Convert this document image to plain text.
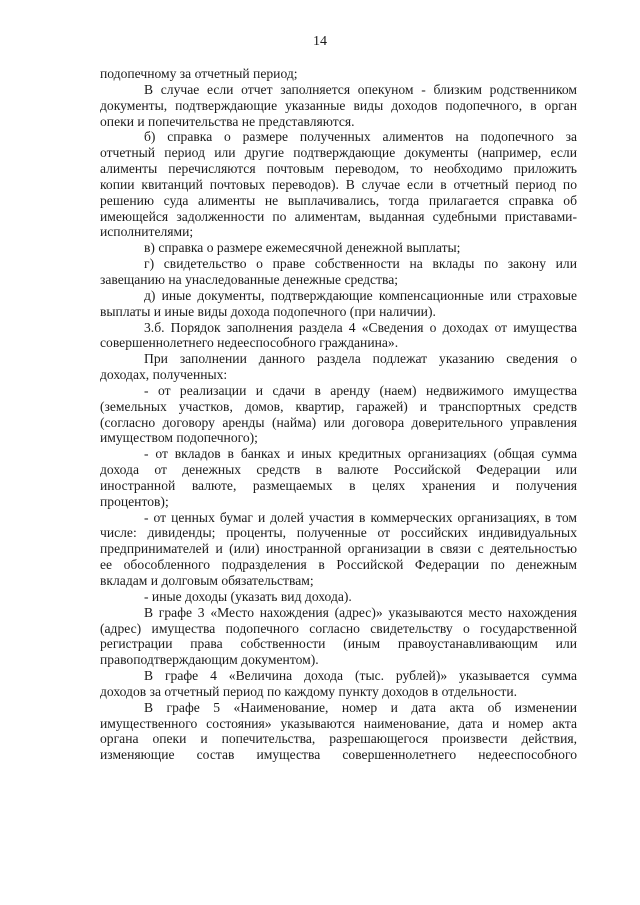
14
подопечному за отчетный период;
В случае если отчет заполняется опекуном - близким родственником
документы, подтверждающие указанные виды доходов подопечного, в орган
опеки и попечительства не представляются.
б) справка о размере полученных алиментов на подопечного за
отчетный период или другие подтверждающие документы (например, если
алименты перечисляются почтовым переводом, то необходимо приложить
копии квитанций почтовых переводов). В случае если в отчетный период по
решению суда алименты не выплачивались, тогда прилагается справка об
имеющейся задолженности по алиментам, выданная судебными приставами-
исполнителями;
в) справка о размере ежемесячной денежной выплаты;
г) свидетельство о праве собственности на вклады по закону или
завещанию на унаследованные денежные средства;
д) иные документы, подтверждающие компенсационные или страховые
выплаты и иные виды дохода подопечного (при наличии).
3.б. Порядок заполнения раздела 4 «Сведения о доходах от имущества
совершеннолетнего недееспособного гражданина».
При заполнении данного раздела подлежат указанию сведения о
доходах, полученных:
- от реализации и сдачи в аренду (наем) недвижимого имущества
(земельных участков, домов, квартир, гаражей) и транспортных средств
(согласно договору аренды (найма) или договора доверительного управления
имуществом подопечного);
- от вкладов в банках и иных кредитных организациях (общая сумма
дохода от денежных средств в валюте Российской Федерации или
иностранной валюте, размещаемых в целях хранения и получения
процентов);
- от ценных бумаг и долей участия в коммерческих организациях, в том
числе: дивиденды; проценты, полученные от российских индивидуальных
предпринимателей и (или) иностранной организации в связи с деятельностью
ее обособленного подразделения в Российской Федерации по денежным
вкладам и долговым обязательствам;
- иные доходы (указать вид дохода).
В графе 3 «Место нахождения (адрес)» указываются место нахождения
(адрес) имущества подопечного согласно свидетельству о государственной
регистрации права собственности (иным правоустанавливающим или
правоподтверждающим документом).
В графе 4 «Величина дохода (тыс. рублей)» указывается сумма
доходов за отчетный период по каждому пункту доходов в отдельности.
В графе 5 «Наименование, номер и дата акта об изменении
имущественного состояния» указываются наименование, дата и номер акта
органа опеки и попечительства, разрешающегося произвести действия,
изменяющие состав имущества совершеннолетнего недееспособного
